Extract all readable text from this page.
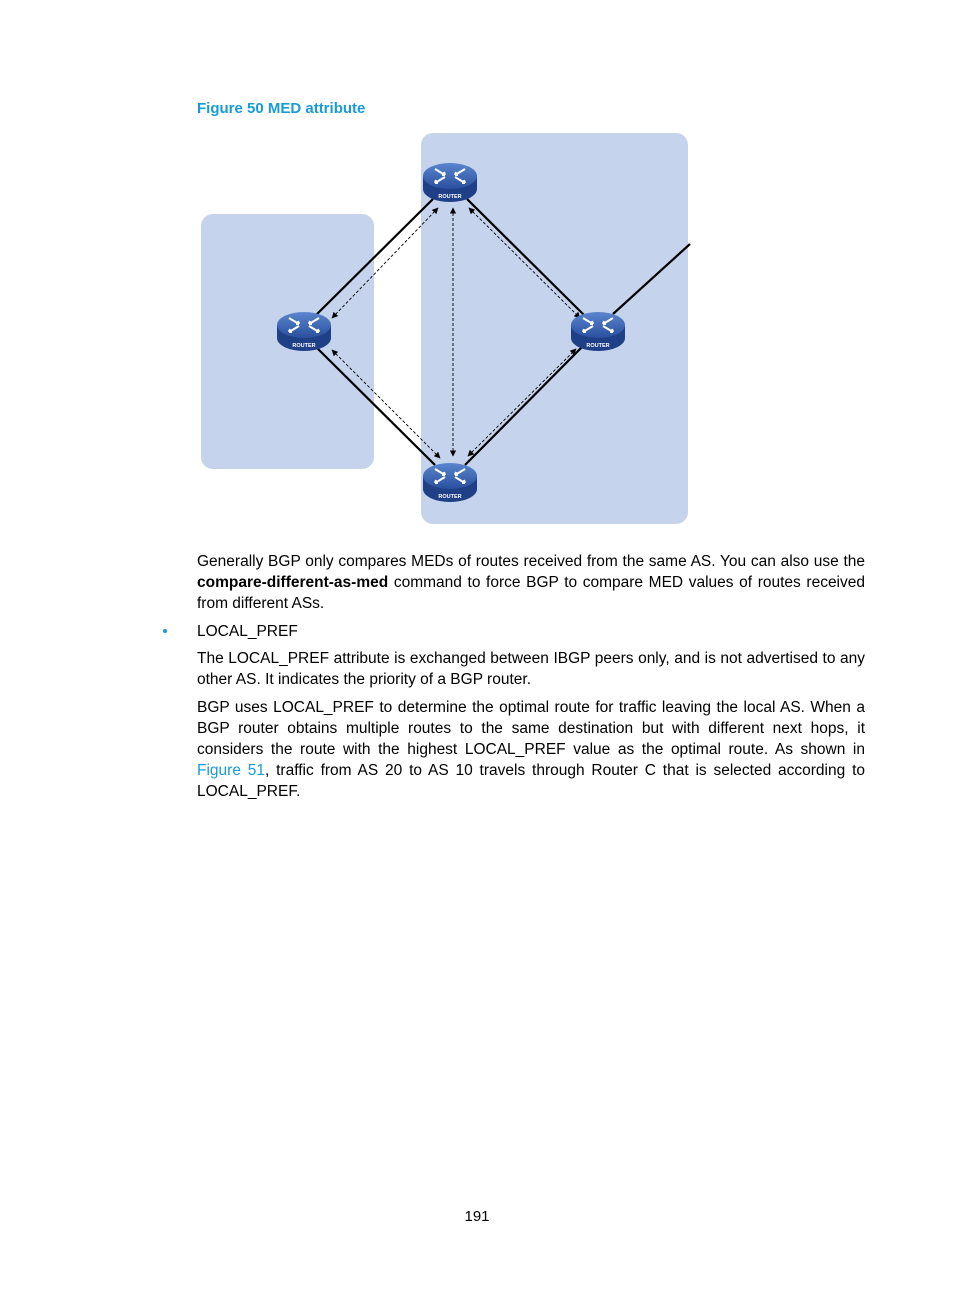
Figure 50 MED attribute
ROUTER
ROUTER	ROUTER
ROUTER
Generally BGP only compares MEDs of routes received from the same AS. You can also use the compare-different-as-med command to force BGP to compare MED values of routes received from different ASs.
LOCAL_PREF
The LOCAL_PREF attribute is exchanged between IBGP peers only, and is not advertised to any other AS. It indicates the priority of a BGP router.
BGP uses LOCAL_PREF to determine the optimal route for traffic leaving the local AS. When a BGP router obtains multiple routes to the same destination but with different next hops, it considers the route with the highest LOCAL_PREF value as the optimal route. As shown in Figure 51, traffic from AS 20 to AS 10 travels through Router C that is selected according to LOCAL_PREF.
191
